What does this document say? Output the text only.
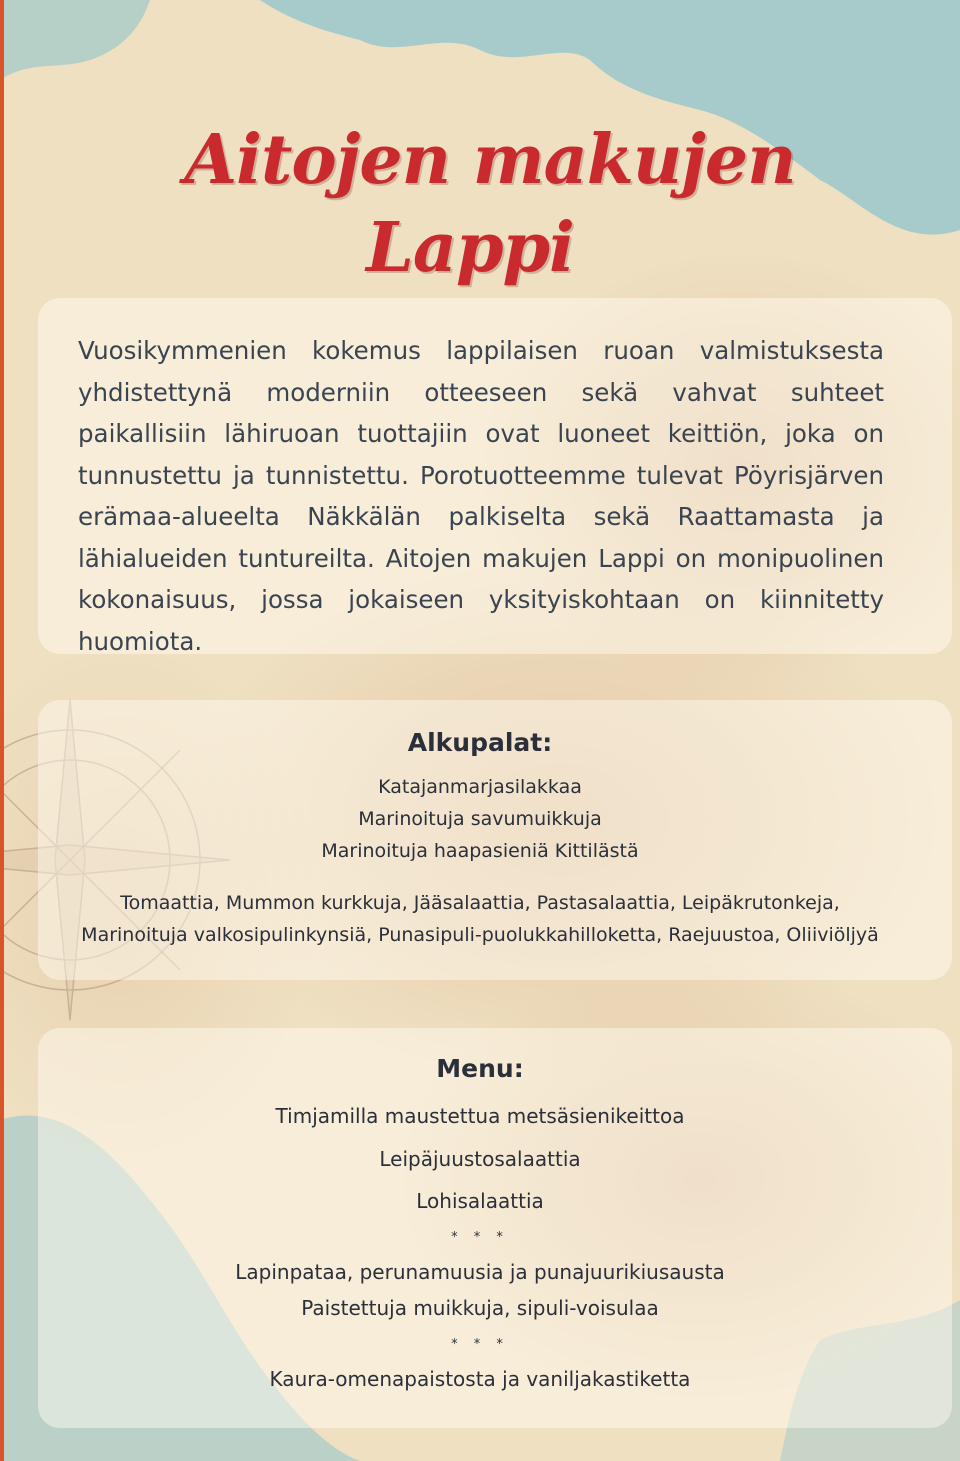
Aitojen makujen
Lappi

Vuosikymmenien kokemus lappilaisen ruoan valmistuksesta yhdistettynä moderniin otteeseen sekä vahvat suhteet paikallisiin lähiruoan tuottajiin ovat luoneet keittiön, joka on tunnustettu ja tunnistettu. Porotuotteemme tulevat Pöyrisjärven erämaa-alueelta Näkkälän palkiselta sekä Raattamasta ja lähialueiden tuntureilta. Aitojen makujen Lappi on monipuolinen kokonaisuus, jossa jokaiseen yksityiskohtaan on kiinnitetty huomiota.

Alkupalat:
Katajanmarjasilakkaa
Marinoituja savumuikkuja
Marinoituja haapasieniä Kittilästä
Tomaattia, Mummon kurkkuja, Jääsalaattia, Pastasalaattia, Leipäkrutonkeja,
Marinoituja valkosipulinkynsiä, Punasipuli-puolukkahilloketta, Raejuustoa, Oliiviöljyä
Menu:
Timjamilla maustettua metsäsienikeittoa
Leipäjuustosalaattia
Lohisalaattia
* * *
Lapinpataa, perunamuusia ja punajuurikiusausta
Paistettuja muikkuja, sipuli-voisulaa
* * *
Kaura-omenapaistosta ja vaniljakastiketta
